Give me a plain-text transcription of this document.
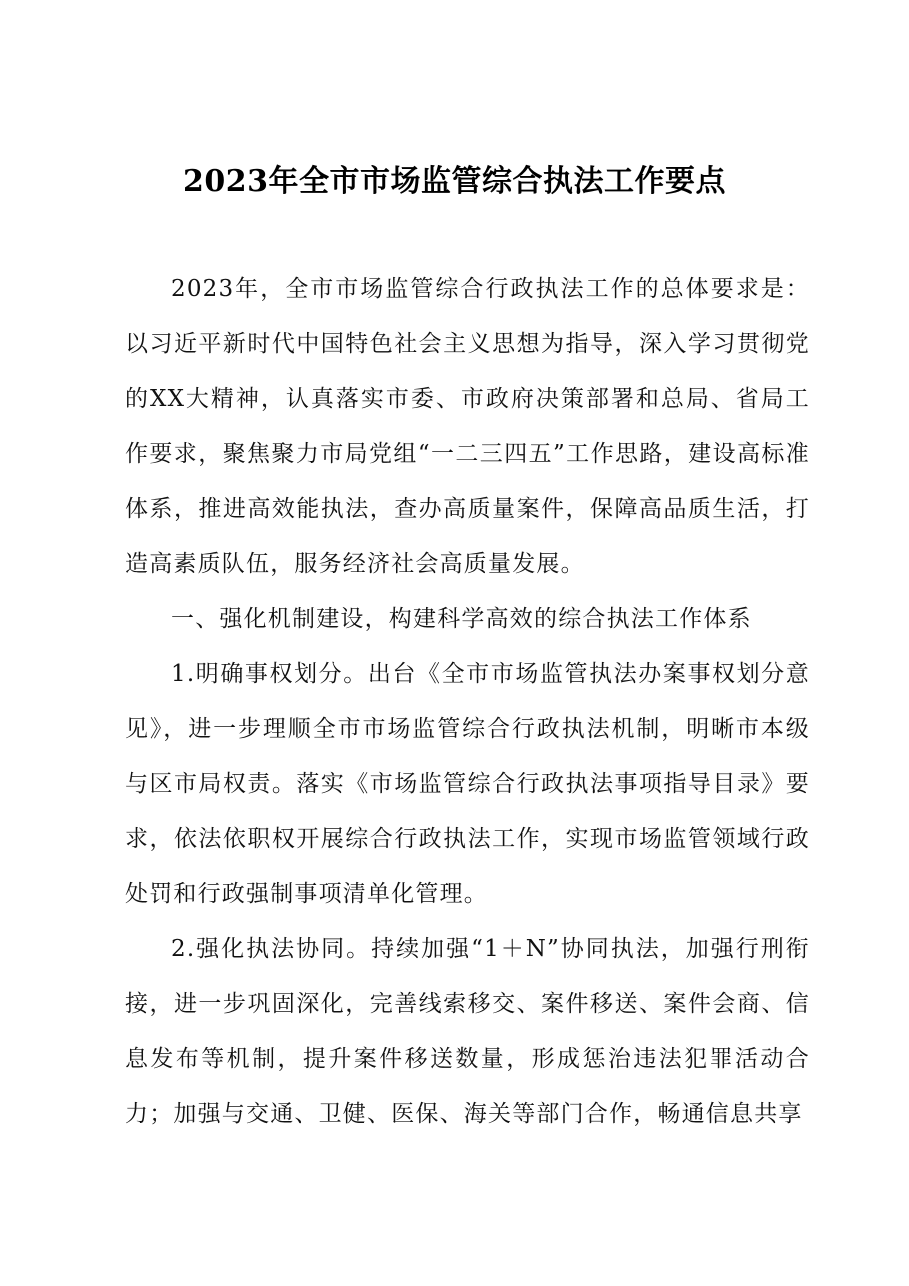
2023年全市市场监管综合执法工作要点

2023年，全市市场监管综合行政执法工作的总体要求是：以习近平新时代中国特色社会主义思想为指导，深入学习贯彻党的XX大精神，认真落实市委、市政府决策部署和总局、省局工作要求，聚焦聚力市局党组“一二三四五”工作思路，建设高标准体系，推进高效能执法，查办高质量案件，保障高品质生活，打造高素质队伍，服务经济社会高质量发展。

一、强化机制建设，构建科学高效的综合执法工作体系

1.明确事权划分。出台《全市市场监管执法办案事权划分意见》，进一步理顺全市市场监管综合行政执法机制，明晰市本级与区市局权责。落实《市场监管综合行政执法事项指导目录》要求，依法依职权开展综合行政执法工作，实现市场监管领域行政处罚和行政强制事项清单化管理。

2.强化执法协同。持续加强“1＋N”协同执法，加强行刑衔接，进一步巩固深化，完善线索移交、案件移送、案件会商、信息发布等机制，提升案件移送数量，形成惩治违法犯罪活动合力；加强与交通、卫健、医保、海关等部门合作，畅通信息共享
